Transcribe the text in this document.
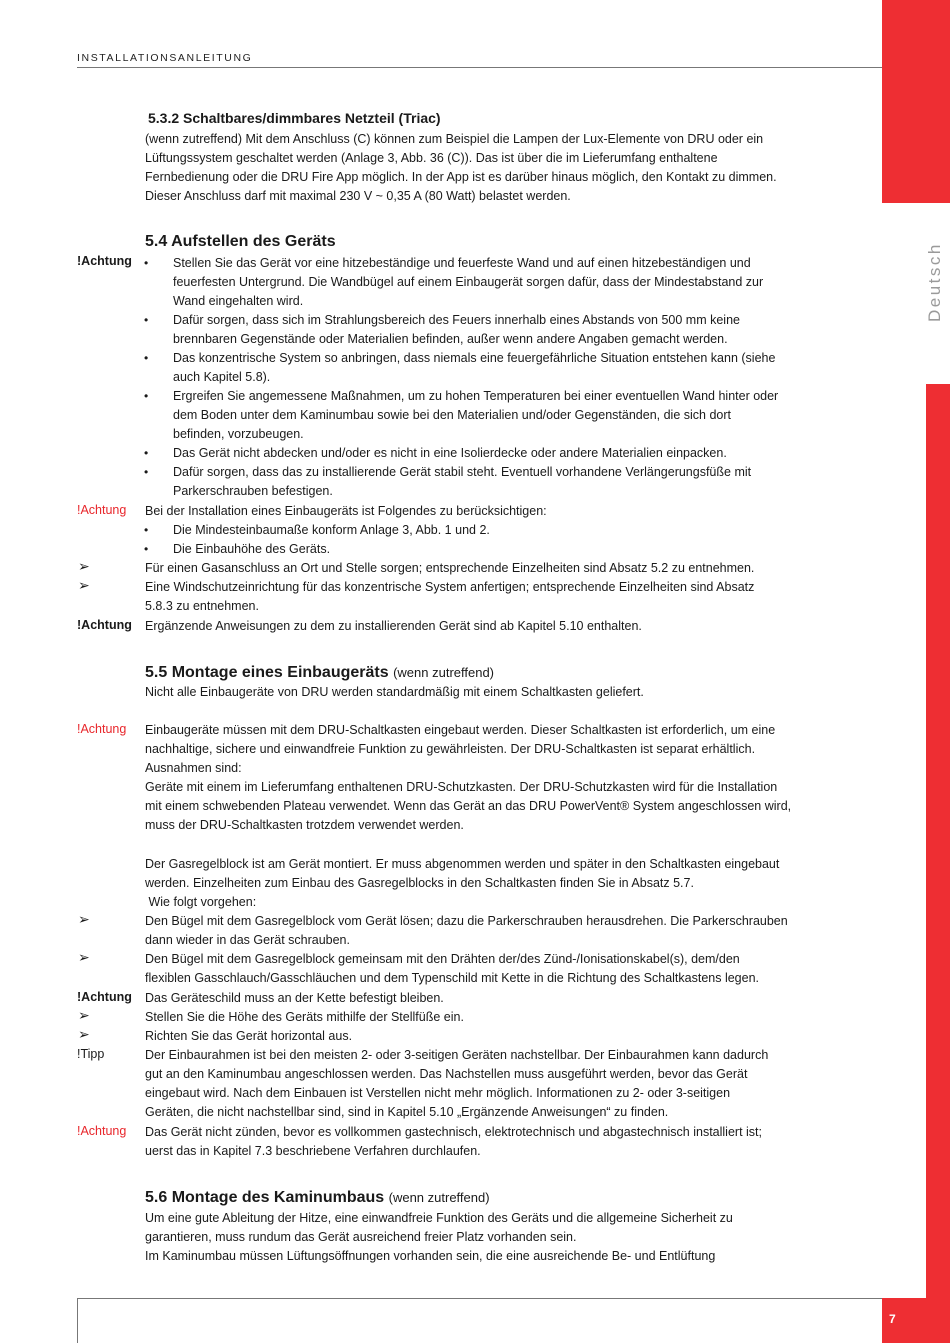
Deutsch
INSTALLATIONSANLEITUNG
5.3.2 Schaltbares/dimmbares Netzteil (Triac)
(wenn zutreffend) Mit dem Anschluss (C) können zum Beispiel die Lampen der Lux-Elemente von DRU oder ein
Lüftungssystem geschaltet werden (Anlage 3, Abb. 36 (C)). Das ist über die im Lieferumfang enthaltene
Fernbedienung oder die DRU Fire App möglich. In der App ist es darüber hinaus möglich, den Kontakt zu dimmen.
Dieser Anschluss darf mit maximal 230 V ~ 0,35 A (80 Watt) belastet werden.
5.4 Aufstellen des Geräts
!Achtung • Stellen Sie das Gerät vor eine hitzebeständige und feuerfeste Wand und auf einen hitzebeständigen und
feuerfesten Untergrund. Die Wandbügel auf einem Einbaugerät sorgen dafür, dass der Mindestabstand zur
Wand eingehalten wird.
• Dafür sorgen, dass sich im Strahlungsbereich des Feuers innerhalb eines Abstands von 500 mm keine
brennbaren Gegenstände oder Materialien befinden, außer wenn andere Angaben gemacht werden.
• Das konzentrische System so anbringen, dass niemals eine feuergefährliche Situation entstehen kann (siehe
auch Kapitel 5.8).
• Ergreifen Sie angemessene Maßnahmen, um zu hohen Temperaturen bei einer eventuellen Wand hinter oder
dem Boden unter dem Kaminumbau sowie bei den Materialien und/oder Gegenständen, die sich dort
befinden, vorzubeugen.
• Das Gerät nicht abdecken und/oder es nicht in eine Isolierdecke oder andere Materialien einpacken.
• Dafür sorgen, dass das zu installierende Gerät stabil steht. Eventuell vorhandene Verlängerungsfüße mit
Parkerschrauben befestigen.
!Achtung Bei der Installation eines Einbaugeräts ist Folgendes zu berücksichtigen:
• Die Mindesteinbaumaße konform Anlage 3, Abb. 1 und 2.
• Die Einbauhöhe des Geräts.
➢	Für einen Gasanschluss an Ort und Stelle sorgen; entsprechende Einzelheiten sind Absatz 5.2 zu entnehmen.
➢	Eine Windschutzeinrichtung für das konzentrische System anfertigen; entsprechende Einzelheiten sind Absatz
5.8.3 zu entnehmen.
!Achtung Ergänzende Anweisungen zu dem zu installierenden Gerät sind ab Kapitel 5.10 enthalten.
5.5 Montage eines Einbaugeräts (wenn zutreffend)
Nicht alle Einbaugeräte von DRU werden standardmäßig mit einem Schaltkasten geliefert.
!Achtung Einbaugeräte müssen mit dem DRU-Schaltkasten eingebaut werden. Dieser Schaltkasten ist erforderlich, um eine
nachhaltige, sichere und einwandfreie Funktion zu gewährleisten. Der DRU-Schaltkasten ist separat erhältlich.
Ausnahmen sind:
Geräte mit einem im Lieferumfang enthaltenen DRU-Schutzkasten. Der DRU-Schutzkasten wird für die Installation
mit einem schwebenden Plateau verwendet. Wenn das Gerät an das DRU PowerVent® System angeschlossen wird,
muss der DRU-Schaltkasten trotzdem verwendet werden.
Der Gasregelblock ist am Gerät montiert. Er muss abgenommen werden und später in den Schaltkasten eingebaut
werden. Einzelheiten zum Einbau des Gasregelblocks in den Schaltkasten finden Sie in Absatz 5.7.
Wie folgt vorgehen:
➢	Den Bügel mit dem Gasregelblock vom Gerät lösen; dazu die Parkerschrauben herausdrehen. Die Parkerschrauben
dann wieder in das Gerät schrauben.
➢	Den Bügel mit dem Gasregelblock gemeinsam mit den Drähten der/des Zünd-/Ionisationskabel(s), dem/den
flexiblen Gasschlauch/Gasschläuchen und dem Typenschild mit Kette in die Richtung des Schaltkastens legen.
!Achtung Das Geräteschild muss an der Kette befestigt bleiben.
➢	Stellen Sie die Höhe des Geräts mithilfe der Stellfüße ein.
➢	Richten Sie das Gerät horizontal aus.
!Tipp	Der Einbaurahmen ist bei den meisten 2- oder 3-seitigen Geräten nachstellbar. Der Einbaurahmen kann dadurch
gut an den Kaminumbau angeschlossen werden. Das Nachstellen muss ausgeführt werden, bevor das Gerät
eingebaut wird. Nach dem Einbauen ist Verstellen nicht mehr möglich. Informationen zu 2- oder 3-seitigen
Geräten, die nicht nachstellbar sind, sind in Kapitel 5.10 „Ergänzende Anweisungen“ zu finden.
!Achtung Das Gerät nicht zünden, bevor es vollkommen gastechnisch, elektrotechnisch und abgastechnisch installiert ist;
uerst das in Kapitel 7.3 beschriebene Verfahren durchlaufen.
5.6 Montage des Kaminumbaus (wenn zutreffend)
Um eine gute Ableitung der Hitze, eine einwandfreie Funktion des Geräts und die allgemeine Sicherheit zu
garantieren, muss rundum das Gerät ausreichend freier Platz vorhanden sein.
Im Kaminumbau müssen Lüftungsöffnungen vorhanden sein, die eine ausreichende Be- und Entlüftung
7
